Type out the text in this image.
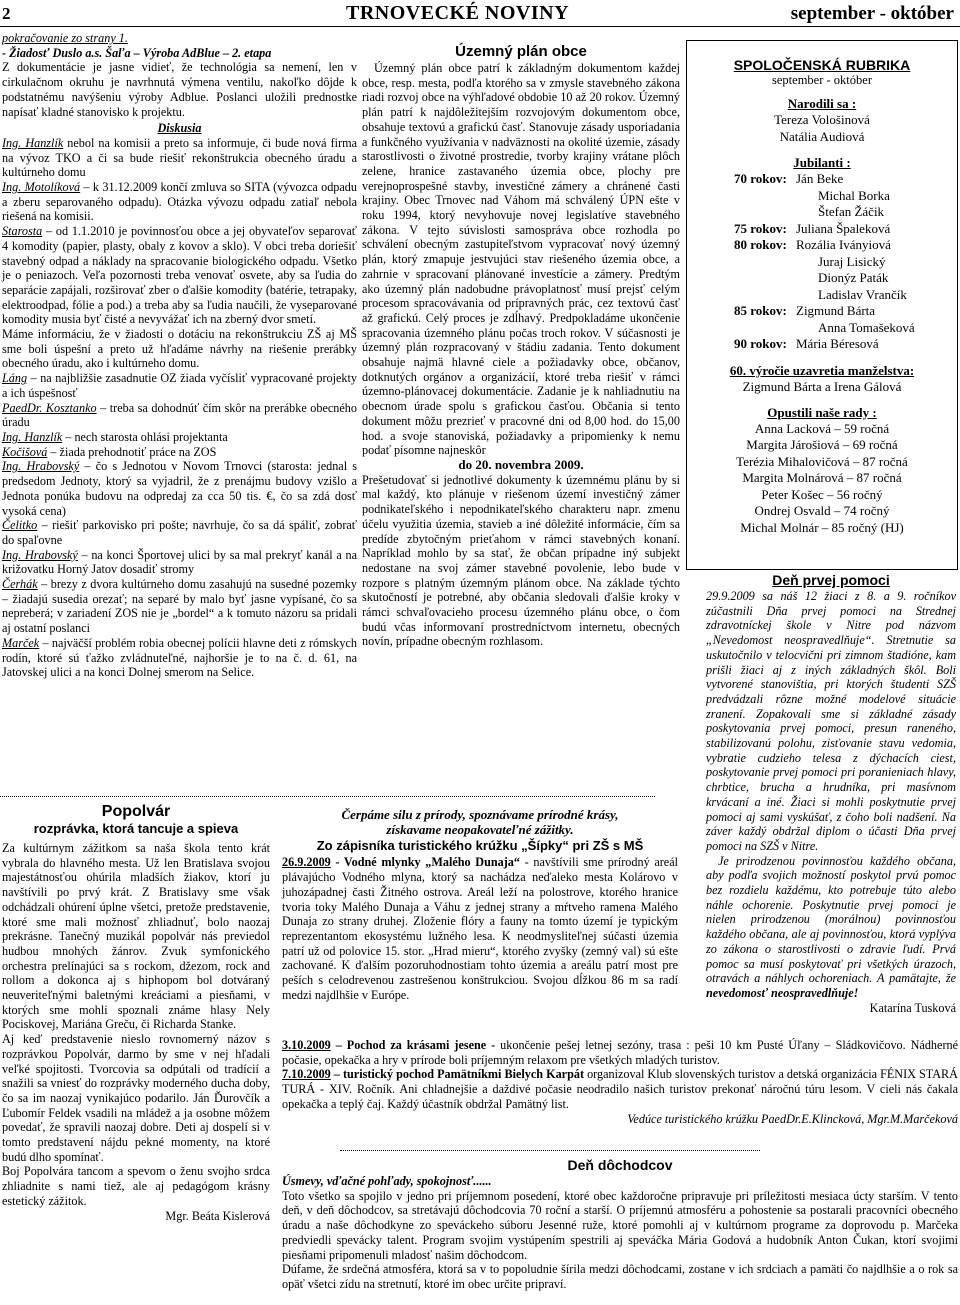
2	TRNOVECKÉ NOVINY	september - október

pokračovanie zo strany 1.

- Žiadosť Duslo a.s. Šaľa – Výroba AdBlue – 2. etapa

Z dokumentácie je jasne vidieť, že technológia sa nemení, len v cirkulačnom okruhu je navrhnutá výmena ventilu, nakoľko dôjde k podstatnému navýšeniu výroby Adblue. Poslanci uložili prednostke napísať kladné stanovisko k projektu.

Diskusia

Ing. Hanzlík nebol na komisii a preto sa informuje, či bude nová firma na vývoz TKO a či sa bude riešiť rekonštrukcia obecného úradu a kultúrneho domu

Ing. Motolíková – k 31.12.2009 končí zmluva so SITA (vývozca odpadu a zberu separovaného odpadu). Otázka vývozu odpadu zatiaľ nebola riešená na komisii.

Starosta – od 1.1.2010 je povinnosťou obce a jej obyvateľov separovať 4 komodity (papier, plasty, obaly z kovov a sklo). V obci treba doriešiť stavebný odpad a náklady na spracovanie biologického odpadu. Všetko je o peniazoch. Veľa pozornosti treba venovať osvete, aby sa ľudia do separácie zapájali, rozširovať zber o ďalšie komodity (batérie, tetrapaky, elektroodpad, fólie a pod.) a treba aby sa ľudia naučili, že vyseparované komodity musia byť čisté a nevyvážať ich na zberný dvor smetí.

Máme informáciu, že v žiadosti o dotáciu na rekonštrukciu ZŠ aj MŠ sme boli úspešní a preto už hľadáme návrhy na riešenie prerábky obecného úradu, ako i kultúrneho domu.

Láng – na najbližšie zasadnutie OZ žiada vyčísliť vypracované projekty a ich úspešnosť

PaedDr. Kosztanko – treba sa dohodnúť čím skôr na prerábke obecného úradu

Ing. Hanzlík – nech starosta ohlási projektanta

Kočišová – žiada prehodnotiť práce na ZOS

Ing. Hrabovský – čo s Jednotou v Novom Trnovci (starosta: jednal s predsedom Jednoty, ktorý sa vyjadril, že z prenájmu budovy vzišlo a Jednota ponúka budovu na odpredaj za cca 50 tis. €, čo sa zdá dosť vysoká cena)

Čelitko – riešiť parkovisko pri pošte; navrhuje, čo sa dá spáliť, zobrať do spaľovne

Ing. Hrabovský – na konci Športovej ulici by sa mal prekryť kanál a na križovatku Horný Jatov dosadiť stromy

Čerhák – brezy z dvora kultúrneho domu zasahujú na susedné pozemky – žiadajú susedia orezať; na separé by malo byť jasne vypísané, čo sa nepreberá; v zariadení ZOS nie je „bordel“ a k tomuto názoru sa pridali aj ostatní poslanci

Marček – najväčší problém robia obecnej polícii hlavne deti z rómskych rodín, ktoré sú ťažko zvládnuteľné, najhoršie je to na č. d. 61, na Jatovskej ulici a na konci Dolnej smerom na Selice.

Územný plán obce

Územný plán obce patrí k základným dokumentom každej obce, resp. mesta, podľa ktorého sa v zmysle stavebného zákona riadi rozvoj obce na výhľadové obdobie 10 až 20 rokov. Územný plán patrí k najdôležitejším rozvojovým dokumentom obce, obsahuje textovú a grafickú časť. Stanovuje zásady usporiadania a funkčného využívania v nadväznosti na okolité územie, zásady starostlivosti o životné prostredie, tvorby krajiny vrátane plôch zelene, hranice zastavaného územia obce, plochy pre verejnoprospešné stavby, investičné zámery a chránené časti krajiny. Obec Trnovec nad Váhom má schválený ÚPN ešte v roku 1994, ktorý nevyhovuje novej legislatíve stavebného zákona. V tejto súvislosti samospráva obce rozhodla po schválení obecným zastupiteľstvom vypracovať nový územný plán, ktorý zmapuje jestvujúci stav riešeného územia obce, a zahrnie v spracovaní plánované investície a zámery. Predtým ako územný plán nadobudne právoplatnosť musí prejsť celým procesom spracovávania od prípravných prác, cez textovú časť až grafickú. Celý proces je zdĺhavý. Predpokladáme ukončenie spracovania územného plánu počas troch rokov. V súčasnosti je územný plán rozpracovaný v štádiu zadania. Tento dokument obsahuje najmä hlavné ciele a požiadavky obce, občanov, dotknutých orgánov a organizácií, ktoré treba riešiť v rámci územno-plánovacej dokumentácie. Zadanie je k nahliadnutiu na obecnom úrade spolu s grafickou časťou. Občania si tento dokument môžu prezrieť v pracovné dni od 8,00 hod. do 15,00 hod. a svoje stanoviská, požiadavky a pripomienky k nemu podať písomne najneskôr

do 20. novembra 2009.

Prešetudovať si jednotlivé dokumenty k územnému plánu by si mal každý, kto plánuje v riešenom území investičný zámer podnikateľského i nepodnikateľského charakteru napr. zmenu účelu využitia územia, stavieb a iné dôležité informácie, čím sa predíde zbytočným prieťahom v rámci stavebných konaní. Napríklad mohlo by sa stať, že občan prípadne iný subjekt nedostane na svoj zámer stavebné povolenie, lebo bude v rozpore s platným územným plánom obce. Na základe týchto skutočností je potrebné, aby občania sledovali ďalšie kroky v rámci schvaľovacieho procesu územného plánu obce, o čom budú včas informovaní prostredníctvom internetu, obecných novín, prípadne obecným rozhlasom.

SPOLOČENSKÁ RUBRIKA
september - október
Narodili sa :
Tereza Vološinová
Natália Audiová
Jubilanti :
70 rokov: Ján Beke
Michal Borka
Štefan Žáčik
75 rokov: Juliana Špaleková
80 rokov: Rozália Iványiová
Juraj Lisický
Dionýz Paták
Ladislav Vrančík
85 rokov: Zigmund Bárta
Anna Tomašeková
90 rokov: Mária Béresová
60. výročie uzavretia manželstva:
Zigmund Bárta a Irena Gálová
Opustili naše rady :
Anna Lacková – 59 ročná
Margita Járošiová – 69 ročná
Terézia Mihalovičová – 87 ročná
Margita Molnárová – 87 ročná
Peter Košec – 56 ročný
Ondrej Osvald – 74 ročný
Michal Molnár – 85 ročný (HJ)

Deň prvej pomoci

29.9.2009 sa náš 12 žiaci z 8. a 9. ročníkov zúčastnili Dňa prvej pomoci na Strednej zdravotníckej škole v Nitre pod názvom „Nevedomost neospravedlňuje“. Stretnutie sa uskutočnilo v telocvični pri zimnom štadióne, kam prišli žiaci aj z iných základných škôl. Boli vytvorené stanovištia, pri ktorých študenti SZŠ predvádzali rôzne možné modelové situácie zranení. Zopakovali sme si základné zásady poskytovania prvej pomoci, presun raneného, stabilizovanú polohu, zisťovanie stavu vedomia, vybratie cudzieho telesa z dýchacích ciest, poskytovanie prvej pomoci pri poranieniach hlavy, chrbtice, brucha a hrudníka, pri masívnom krvácaní a iné. Žiaci si mohli poskytnutie prvej pomoci aj sami vyskúšať, z čoho boli nadšení. Na záver každý obdržal diplom o účasti Dňa prvej pomoci na SZŠ v Nitre.

Je prirodzenou povinnosťou každého občana, aby podľa svojich možností poskytol prvú pomoc bez rozdielu každému, kto potrebuje túto alebo náhle ochorenie. Poskytnutie prvej pomoci je nielen prirodzenou (morálnou) povinnosťou každého občana, ale aj povinnosťou, ktorá vyplýva zo zákona o starostlivosti o zdravie ľudí. Prvá pomoc sa musí poskytovať pri všetkých úrazoch, otravách a náhlych ochoreniach. A pamätajte, že nevedomosť neospravedlňuje!
Katarína Tusková

Popolvár

rozprávka, ktorá tancuje a spieva

Za kultúrnym zážitkom sa naša škola tento krát vybrala do hlavného mesta. Už len Bratislava svojou majestátnosťou ohúrila mladších žiakov, ktorí ju navštívili po prvý krát. Z Bratislavy sme však odchádzali ohúrení úplne všetci, pretože predstavenie, ktoré sme mali možnosť zhliadnuť, bolo naozaj prekrásne. Tanečný muzikál popolvár nás previedol hudbou mnohých žánrov. Zvuk symfonického orchestra prelínajúci sa s rockom, džezom, rock and rollom a dokonca aj s hiphopom bol dotváraný neuveriteľnými baletnými kreáciami a piesňami, v ktorých sme mohli spoznali známe hlasy Nely Pociskovej, Mariána Greču, či Richarda Stanke.

Aj keď predstavenie nieslo rovnomerný názov s rozprávkou Popolvár, darmo by sme v nej hľadali veľké spojitosti. Tvorcovia sa odpútali od tradícií a snažili sa vniesť do rozprávky moderného ducha doby, čo sa im naozaj vynikajúco podarilo. Ján Ďurovčík a Ľubomír Feldek vsadili na mládež a ja osobne môžem povedať, že spravili naozaj dobre. Deti aj dospelí si v tomto predstavení nájdu pekné momenty, na ktoré budú dlho spomínať.

Boj Popolvára tancom a spevom o ženu svojho srdca zhliadnite s nami tiež, ale aj pedagógom krásny estetický zážitok.

Mgr. Beáta Kislerová

Čerpáme silu z prírody, spoznávame prírodné krásy,

získavame neopakovateľné zážitky.

Zo zápisníka turistického krúžku „Šípky“ pri ZŠ s MŠ

26.9.2009 - Vodné mlynky „Malého Dunaja“ - navštívili sme prírodný areál plávajúcho Vodného mlyna, ktorý sa nachádza neďaleko mesta Kolárovo v juhozápadnej časti Žitného ostrova. Areál leží na polostrove, ktorého hranice tvoria toky Malého Dunaja a Váhu z jednej strany a mŕtveho ramena Malého Dunaja zo strany druhej. Zloženie flóry a fauny na tomto území je typickým reprezentantom ekosystému lužného lesa. K neodmysliteľnej súčasti územia patrí už od polovice 15. stor. „Hrad mieru“, ktorého zvyšky (zemný val) sú ešte zachované. K ďalším pozoruhodnostiam tohto územia a areálu patrí most pre peších s celodrevenou zastrešenou konštrukciou. Svojou dĺžkou 86 m sa radí medzi najdlhšie v Európe.

3.10.2009 – Pochod za krásami jesene - ukončenie pešej letnej sezóny, trasa : peši 10 km Pusté Úľany – Sládkovičovo. Nádherné počasie, opekačka a hry v prírode boli príjemným relaxom pre všetkých mladých turistov.

7.10.2009 – turistický pochod Pamätníkmi Bielych Karpát organizoval Klub slovenských turistov a detská organizácia FÉNIX STARÁ TURÁ - XIV. Ročník. Ani chladnejšie a daždivé počasie neodradilo našich turistov prekonať náročnú túru lesom. V cieli nás čakala opekačka a teplý čaj. Každý účastník obdržal Pamätný list.

Vedúce turistického krúžku PaedDr.E.Klincková, Mgr.M.Marčeková

Deň dôchodcov

Úsmevy, vďačné pohľady, spokojnosť......

Toto všetko sa spojilo v jedno pri príjemnom posedení, ktoré obec každoročne pripravuje pri príležitosti mesiaca úcty starším. V tento deň, v deň dôchodcov, sa stretávajú dôchodcovia 70 roční a starší. O príjemnú atmosféru a pohostenie sa postarali pracovníci obecného úradu a naše dôchodkyne zo speváckeho súboru Jesenné ruže, ktoré pomohli aj v kultúrnom programe za doprovodu p. Marčeka predviedli spevácky talent. Program svojim vystúpením spestrili aj speváčka Mária Godová a hudobník Anton Čukan, ktorí svojimi piesňami pripomenuli mladosť našim dôchodcom.

Dúfame, že srdečná atmosféra, ktorá sa v to popoludnie šírila medzi dôchodcami, zostane v ich srdciach a pamäti čo najdlhšie a o rok sa opäť všetci zídu na stretnutí, ktoré im obec určite pripraví.
